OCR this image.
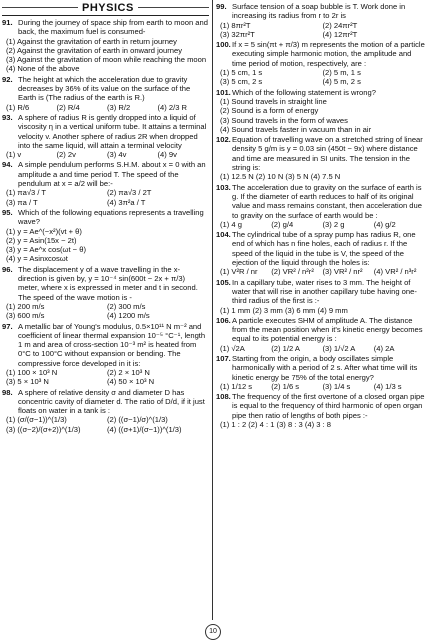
PHYSICS
91. During the journey of space ship from earth to moon and back, the maximum fuel is consumed-
(1) Against the gravitation of earth in return journey
(2) Against the gravitation of earth in onward journey
(3) Against the gravitation of moon while reaching the moon
(4) None of the above
92. The height at which the acceleration due to gravity decreases by 36% of its value on the surface of the Earth is (The radius of the earth is R.)
(1) R/6	(2) R/4	(3) R/2	(4) 2/3 R
93. A sphere of radius R is gently dropped into a liquid of viscosity η in a vertical uniform tube. It attains a terminal velocity v. Another sphere of radius 2R when dropped into the same liquid, will attain a terminal velocity
(1) v	(2) 2v	(3) 4v	(4) 9v
94. A simple pendulum performs S.H.M. about x = 0 with an amplitude a and time period T. The speed of the pendulum at x = a/2 will be:-
(1) πa√3 / T	(2) πa√3 / 2T
(3) πa / T	(4) 3π²a / T
95. Which of the following equations represents a travelling wave?
(1) y = Ae^(−x²)(vt + θ)
(2) y = Asin(15x − 2t)
(3) y = Ae^x cos(ωt − θ)
(4) y = Asinxcosωt
96. The displacement y of a wave travelling in the x-direction is given by, y = 10⁻⁴ sin(600t − 2x + π/3) meter, where x is expressed in meter and t in second. The speed of the wave motion is -
(1) 200 m/s	(2) 300 m/s
(3) 600 m/s	(4) 1200 m/s
97. A metallic bar of Young's modulus, 0.5×10¹¹ N m⁻² and coefficient of linear thermal expansion 10⁻⁵ °C⁻¹, length 1 m and area of cross-section 10⁻³ m² is heated from 0°C to 100°C without expansion or bending. The compressive force developed in it is:
(1) 100 × 10³ N	(2) 2 × 10³ N
(3) 5 × 10³ N	(4) 50 × 10³ N
98. A sphere of relative density σ and diameter D has concentric cavity of diameter d. The ratio of D/d, if it just floats on water in a tank is :
(1) (σ/(σ−1))^(1/3)	(2) ((σ−1)/σ)^(1/3)
(3) ((σ−2)/(σ+2))^(1/3)	(4) ((σ+1)/(σ−1))^(1/3)
99. Surface tension of a soap bubble is T. Work done in increasing its radius from r to 2r is
(1) 8πr²T	(2) 24πr²T
(3) 32πr²T	(4) 12πr²T
100. If x = 5 sin(πt + π/3) m represents the motion of a particle executing simple harmonic motion, the amplitude and time period of motion, respectively, are :
(1) 5 cm, 1 s	(2) 5 m, 1 s
(3) 5 cm, 2 s	(4) 5 m, 2 s
101. Which of the following statement is wrong?
(1) Sound travels in straight line
(2) Sound is a form of energy
(3) Sound travels in the form of waves
(4) Sound travels faster in vacuum than in air
102. Equation of travelling wave on a stretched string of linear density 5 g/m is y = 0.03 sin (450t − 9x) where distance and time are measured in SI units. The tension in the string is:
(1) 12.5 N (2) 10 N (3) 5 N (4) 7.5 N
103. The acceleration due to gravity on the surface of earth is g. If the diameter of earth reduces to half of its original value and mass remains constant, then acceleration due to gravity on the surface of earth would be :
(1) 4 g	(2) g/4	(3) 2 g	(4) g/2
104. The cylindrical tube of a spray pump has radius R, one end of which has n fine holes, each of radius r. If the speed of the liquid in the tube is V, the speed of the ejection of the liquid through the holes is:
(1) V²R / nr	(2) VR² / n²r²	(3) VR² / nr²	(4) VR² / n³r²
105. In a capillary tube, water rises to 3 mm. The height of water that will rise in another capillary tube having one-third radius of the first is :-
(1) 1 mm (2) 3 mm (3) 6 mm (4) 9 mm
106. A particle executes SHM of amplitude A. The distance from the mean position when it's kinetic energy becomes equal to its potential energy is :
(1) √2A	(2) 1/2 A	(3) 1/√2 A	(4) 2A
107. Starting from the origin, a body oscillates simple harmonically with a period of 2 s. After what time will its kinetic energy be 75% of the total energy?
(1) 1/12 s	(2) 1/6 s	(3) 1/4 s	(4) 1/3 s
108. The frequency of the first overtone of a closed organ pipe is equal to the frequency of third harmonic of open organ pipe then ratio of lengths of both pipes :-
(1) 1 : 2 (2) 4 : 1 (3) 8 : 3 (4) 3 : 8
10
